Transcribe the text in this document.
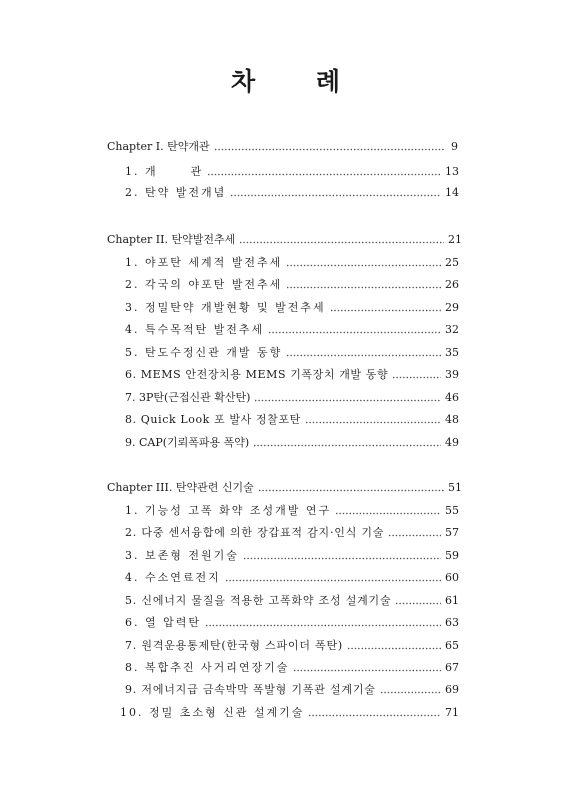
차 례
Chapter I. 탄약개관	9
1. 개      관	13
2. 탄약 발전개념	14
Chapter II. 탄약발전추세	21
1. 야포탄 세계적 발전추세	25
2. 각국의 야포탄 발전추세	26
3. 정밀탄약 개발현황 및 발전추세	29
4. 특수목적탄 발전추세	32
5. 탄도수정신관 개발 동향	35
6. MEMS 안전장치용 MEMS 기폭장치 개발 동향	39
7. 3P탄(근접신관 확산탄)	46
8. Quick Look 포 발사 정찰포탄	48
9. CAP(기뢰폭파용 폭약)	49
Chapter III. 탄약관련 신기술	51
1. 기능성 고폭 화약 조성개발 연구	55
2. 다중 센서융합에 의한 장갑표적 감지·인식 기술	57
3. 보존형 전원기술	59
4. 수소연료전지	60
5. 신에너지 물질을 적용한 고폭화약 조성 설계기술	61
6. 열 압력탄	63
7. 원격운용통제탄(한국형 스파이더 폭탄)	65
8. 복합추진 사거리연장기술	67
9. 저에너지급 금속박막 폭발형 기폭관 설계기술	69
10. 정밀 초소형 신관 설계기술	71
